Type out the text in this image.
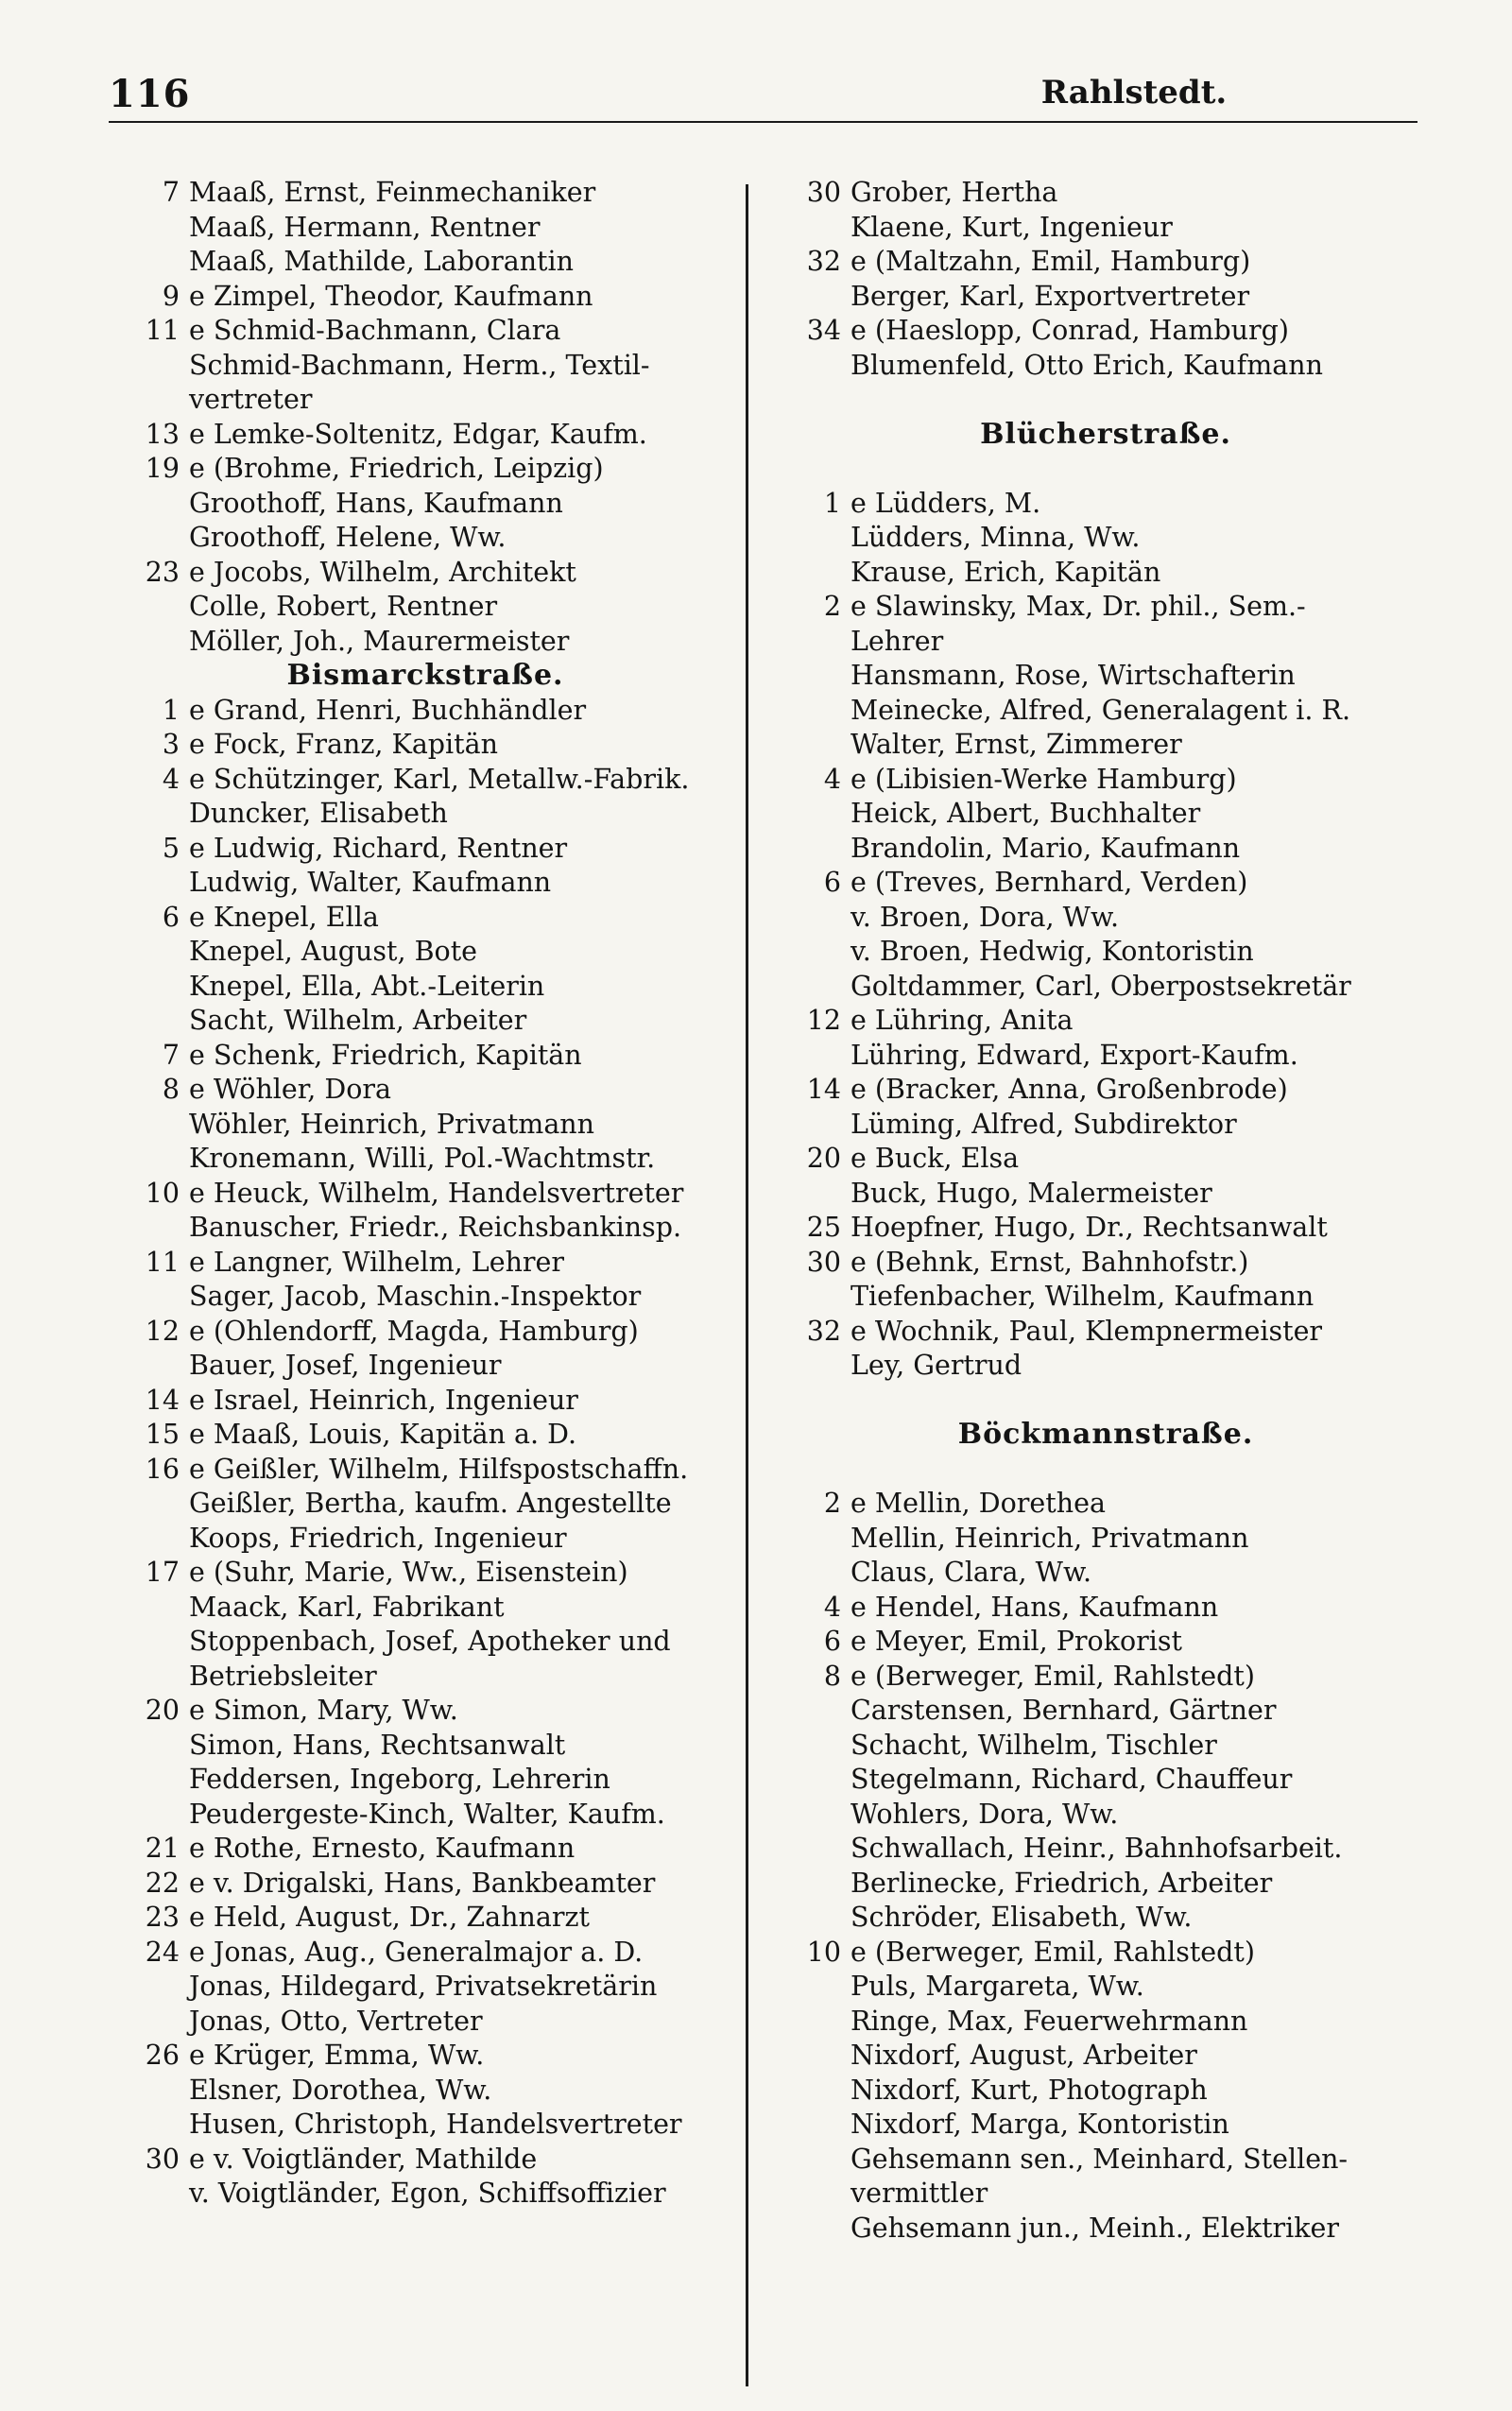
116	Rahlstedt.
7 Maaß, Ernst, Feinmechaniker
Maaß, Hermann, Rentner
Maaß, Mathilde, Laborantin
9 e Zimpel, Theodor, Kaufmann
11 e Schmid-Bachmann, Clara
Schmid-Bachmann, Herm., Textil-
vertreter
13 e Lemke-Soltenitz, Edgar, Kaufm.
19 e (Brohme, Friedrich, Leipzig)
Groothoff, Hans, Kaufmann
Groothoff, Helene, Ww.
23 e Jocobs, Wilhelm, Architekt
Colle, Robert, Rentner
Möller, Joh., Maurermeister
Bismarckstraße.
1 e Grand, Henri, Buchhändler
3 e Fock, Franz, Kapitän
4 e Schützinger, Karl, Metallw.-Fabrik.
Duncker, Elisabeth
5 e Ludwig, Richard, Rentner
Ludwig, Walter, Kaufmann
6 e Knepel, Ella
Knepel, August, Bote
Knepel, Ella, Abt.-Leiterin
Sacht, Wilhelm, Arbeiter
7 e Schenk, Friedrich, Kapitän
8 e Wöhler, Dora
Wöhler, Heinrich, Privatmann
Kronemann, Willi, Pol.-Wachtmstr.
10 e Heuck, Wilhelm, Handelsvertreter
Banuscher, Friedr., Reichsbankinsp.
11 e Langner, Wilhelm, Lehrer
Sager, Jacob, Maschin.-Inspektor
12 e (Ohlendorff, Magda, Hamburg)
Bauer, Josef, Ingenieur
14 e Israel, Heinrich, Ingenieur
15 e Maaß, Louis, Kapitän a. D.
16 e Geißler, Wilhelm, Hilfspostschaffn.
Geißler, Bertha, kaufm. Angestellte
Koops, Friedrich, Ingenieur
17 e (Suhr, Marie, Ww., Eisenstein)
Maack, Karl, Fabrikant
Stoppenbach, Josef, Apotheker und
Betriebsleiter
20 e Simon, Mary, Ww.
Simon, Hans, Rechtsanwalt
Feddersen, Ingeborg, Lehrerin
Peudergeste-Kinch, Walter, Kaufm.
21 e Rothe, Ernesto, Kaufmann
22 e v. Drigalski, Hans, Bankbeamter
23 e Held, August, Dr., Zahnarzt
24 e Jonas, Aug., Generalmajor a. D.
Jonas, Hildegard, Privatsekretärin
Jonas, Otto, Vertreter
26 e Krüger, Emma, Ww.
Elsner, Dorothea, Ww.
Husen, Christoph, Handelsvertreter
30 e v. Voigtländer, Mathilde
v. Voigtländer, Egon, Schiffsoffizier
30 Grober, Hertha
Klaene, Kurt, Ingenieur
32 e (Maltzahn, Emil, Hamburg)
Berger, Karl, Exportvertreter
34 e (Haeslopp, Conrad, Hamburg)
Blumenfeld, Otto Erich, Kaufmann
Blücherstraße.
1 e Lüdders, M.
Lüdders, Minna, Ww.
Krause, Erich, Kapitän
2 e Slawinsky, Max, Dr. phil., Sem.-
Lehrer
Hansmann, Rose, Wirtschafterin
Meinecke, Alfred, Generalagent i. R.
Walter, Ernst, Zimmerer
4 e (Libisien-Werke Hamburg)
Heick, Albert, Buchhalter
Brandolin, Mario, Kaufmann
6 e (Treves, Bernhard, Verden)
v. Broen, Dora, Ww.
v. Broen, Hedwig, Kontoristin
Goltdammer, Carl, Oberpostsekretär
12 e Lühring, Anita
Lühring, Edward, Export-Kaufm.
14 e (Bracker, Anna, Großenbrode)
Lüming, Alfred, Subdirektor
20 e Buck, Elsa
Buck, Hugo, Malermeister
25 Hoepfner, Hugo, Dr., Rechtsanwalt
30 e (Behnk, Ernst, Bahnhofstr.)
Tiefenbacher, Wilhelm, Kaufmann
32 e Wochnik, Paul, Klempnermeister
Ley, Gertrud
Böckmannstraße.
2 e Mellin, Dorethea
Mellin, Heinrich, Privatmann
Claus, Clara, Ww.
4 e Hendel, Hans, Kaufmann
6 e Meyer, Emil, Prokorist
8 e (Berweger, Emil, Rahlstedt)
Carstensen, Bernhard, Gärtner
Schacht, Wilhelm, Tischler
Stegelmann, Richard, Chauffeur
Wohlers, Dora, Ww.
Schwallach, Heinr., Bahnhofsarbeit.
Berlinecke, Friedrich, Arbeiter
Schröder, Elisabeth, Ww.
10 e (Berweger, Emil, Rahlstedt)
Puls, Margareta, Ww.
Ringe, Max, Feuerwehrmann
Nixdorf, August, Arbeiter
Nixdorf, Kurt, Photograph
Nixdorf, Marga, Kontoristin
Gehsemann sen., Meinhard, Stellen-
vermittler
Gehsemann jun., Meinh., Elektriker
